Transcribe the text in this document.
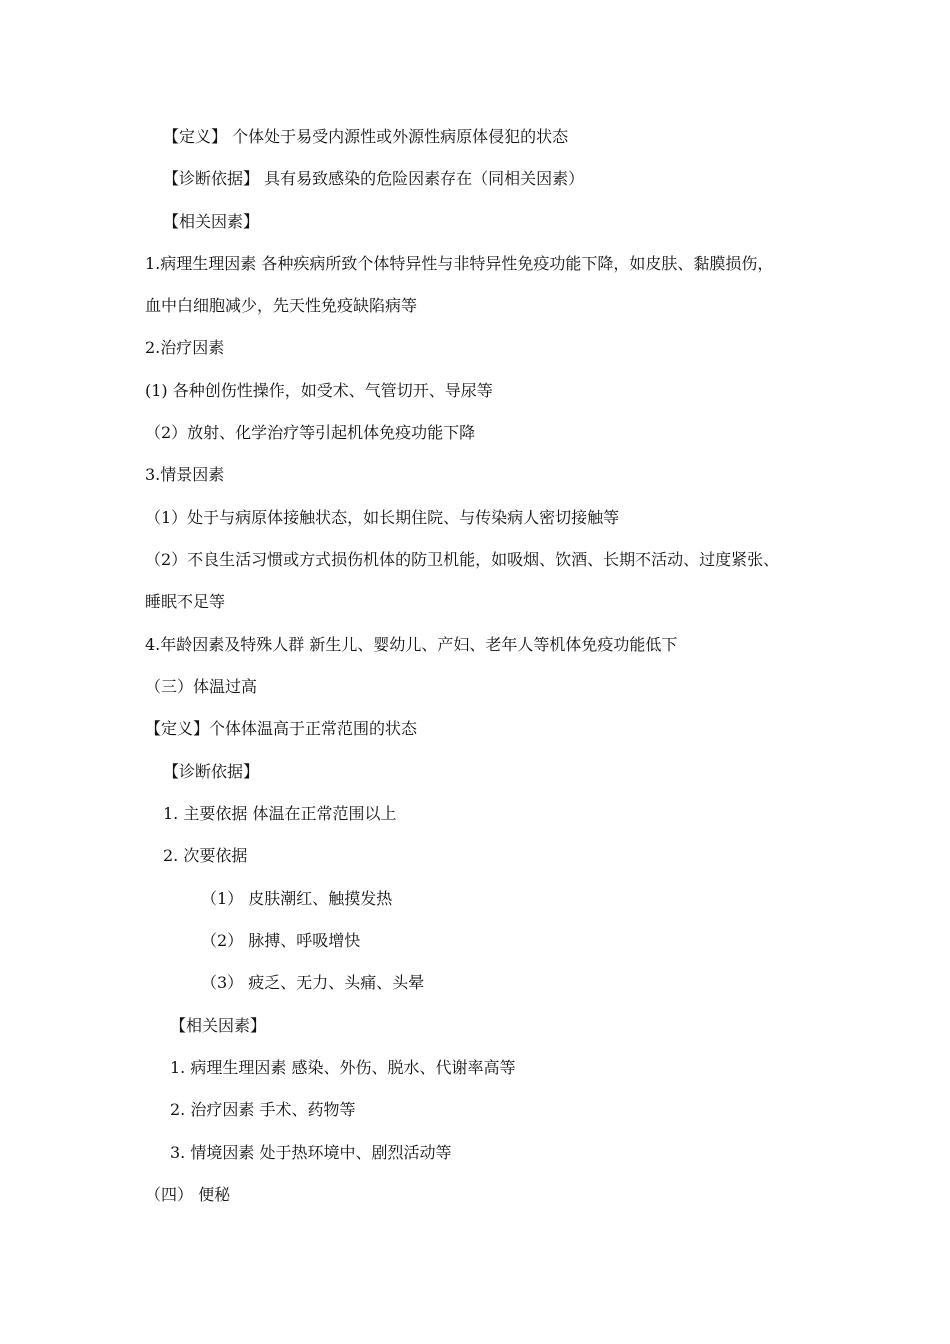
【定义】 个体处于易受内源性或外源性病原体侵犯的状态
【诊断依据】 具有易致感染的危险因素存在（同相关因素）
【相关因素】
1.病理生理因素 各种疾病所致个体特异性与非特异性免疫功能下降，如皮肤、黏膜损伤，
血中白细胞减少，先天性免疫缺陷病等
2.治疗因素
(1) 各种创伤性操作，如受术、气管切开、导尿等
（2）放射、化学治疗等引起机体免疫功能下降
3.情景因素
（1）处于与病原体接触状态，如长期住院、与传染病人密切接触等
（2）不良生活习惯或方式损伤机体的防卫机能，如吸烟、饮酒、长期不活动、过度紧张、
睡眠不足等
4.年龄因素及特殊人群 新生儿、婴幼儿、产妇、老年人等机体免疫功能低下
（三）体温过高
【定义】个体体温高于正常范围的状态
【诊断依据】
1. 主要依据 体温在正常范围以上
2. 次要依据
（1） 皮肤潮红、触摸发热
（2） 脉搏、呼吸增快
（3） 疲乏、无力、头痛、头晕
【相关因素】
1. 病理生理因素 感染、外伤、脱水、代谢率高等
2. 治疗因素 手术、药物等
3. 情境因素 处于热环境中、剧烈活动等
（四） 便秘
